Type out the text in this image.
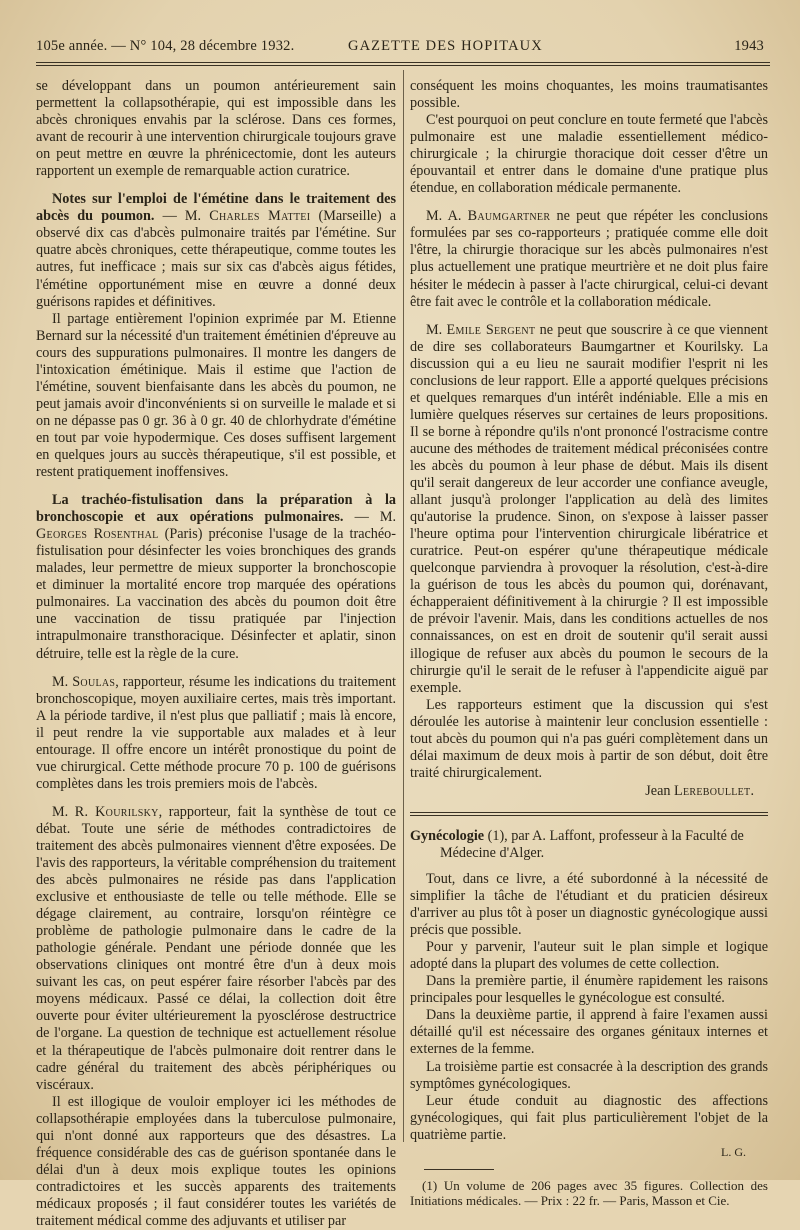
105e année. — N° 104, 28 décembre 1932.	GAZETTE DES HOPITAUX	1943

se développant dans un poumon antérieurement sain permettent la collapsothérapie, qui est impossible dans les abcès chroniques envahis par la sclérose. Dans ces formes, avant de recourir à une intervention chirurgicale toujours grave on peut mettre en œuvre la phrénicectomie, dont les auteurs rapportent un exemple de remarquable action curatrice.

Notes sur l'emploi de l'émétine dans le traitement des abcès du poumon. — M. Charles Mattei (Marseille) a observé dix cas d'abcès pulmonaire traités par l'émétine. Sur quatre abcès chroniques, cette thérapeutique, comme toutes les autres, fut inefficace ; mais sur six cas d'abcès aigus fétides, l'émétine opportunément mise en œuvre a donné deux guérisons rapides et définitives.

Il partage entièrement l'opinion exprimée par M. Etienne Bernard sur la nécessité d'un traitement émétinien d'épreuve au cours des suppurations pulmonaires. Il montre les dangers de l'intoxication émétinique. Mais il estime que l'action de l'émétine, souvent bienfaisante dans les abcès du poumon, ne peut jamais avoir d'inconvénients si on surveille le malade et si on ne dépasse pas 0 gr. 36 à 0 gr. 40 de chlorhydrate d'émétine en tout par voie hypodermique. Ces doses suffisent largement en quelques jours au succès thérapeutique, s'il est possible, et restent pratiquement inoffensives.

La trachéo-fistulisation dans la préparation à la bronchoscopie et aux opérations pulmonaires. — M. Georges Rosenthal (Paris) préconise l'usage de la trachéo-fistulisation pour désinfecter les voies bronchiques des grands malades, leur permettre de mieux supporter la bronchoscopie et diminuer la mortalité encore trop marquée des opérations pulmonaires. La vaccination des abcès du poumon doit être une vaccination de tissu pratiquée par l'injection intrapulmonaire transthoracique. Désinfecter et aplatir, sinon détruire, telle est la règle de la cure.

M. Soulas, rapporteur, résume les indications du traitement bronchoscopique, moyen auxiliaire certes, mais très important. A la période tardive, il n'est plus que palliatif ; mais là encore, il peut rendre la vie supportable aux malades et à leur entourage. Il offre encore un intérêt pronostique du point de vue chirurgical. Cette méthode procure 70 p. 100 de guérisons complètes dans les trois premiers mois de l'abcès.

M. R. Kourilsky, rapporteur, fait la synthèse de tout ce débat. Toute une série de méthodes contradictoires de traitement des abcès pulmonaires viennent d'être exposées. De l'avis des rapporteurs, la véritable compréhension du traitement des abcès pulmonaires ne réside pas dans l'application exclusive et enthousiaste de telle ou telle méthode. Elle se dégage clairement, au contraire, lorsqu'on réintègre ce problème de pathologie pulmonaire dans le cadre de la pathologie générale. Pendant une période donnée que les observations cliniques ont montré être d'un à deux mois suivant les cas, on peut espérer faire résorber l'abcès par des moyens médicaux. Passé ce délai, la collection doit être ouverte pour éviter ultérieurement la pyosclérose destructrice de l'organe. La question de technique est actuellement résolue et la thérapeutique de l'abcès pulmonaire doit rentrer dans le cadre général du traitement des abcès périphériques ou viscéraux.

Il est illogique de vouloir employer ici les méthodes de collapsothérapie employées dans la tuberculose pulmonaire, qui n'ont donné aux rapporteurs que des désastres. La fréquence considérable des cas de guérison spontanée dans le délai d'un à deux mois explique toutes les opinions contradictoires et les succès apparents des traitements médicaux proposés ; il faut considérer toutes les variétés de traitement médical comme des adjuvants et utiliser par

conséquent les moins choquantes, les moins traumatisantes possible.

C'est pourquoi on peut conclure en toute fermeté que l'abcès pulmonaire est une maladie essentiellement médico-chirurgicale ; la chirurgie thoracique doit cesser d'être un épouvantail et entrer dans le domaine d'une pratique plus étendue, en collaboration médicale permanente.

M. A. Baumgartner ne peut que répéter les conclusions formulées par ses co-rapporteurs ; pratiquée comme elle doit l'être, la chirurgie thoracique sur les abcès pulmonaires n'est plus actuellement une pratique meurtrière et ne doit plus faire hésiter le médecin à passer à l'acte chirurgical, celui-ci devant être fait avec le contrôle et la collaboration médicale.

M. Emile Sergent ne peut que souscrire à ce que viennent de dire ses collaborateurs Baumgartner et Kourilsky. La discussion qui a eu lieu ne saurait modifier l'esprit ni les conclusions de leur rapport. Elle a apporté quelques précisions et quelques remarques d'un intérêt indéniable. Elle a mis en lumière quelques réserves sur certaines de leurs propositions. Il se borne à répondre qu'ils n'ont prononcé l'ostracisme contre aucune des méthodes de traitement médical préconisées contre les abcès du poumon à leur phase de début. Mais ils disent qu'il serait dangereux de leur accorder une confiance aveugle, allant jusqu'à prolonger l'application au delà des limites qu'autorise la prudence. Sinon, on s'expose à laisser passer l'heure optima pour l'intervention chirurgicale libératrice et curatrice. Peut-on espérer qu'une thérapeutique médicale quelconque parviendra à provoquer la résolution, c'est-à-dire la guérison de tous les abcès du poumon qui, dorénavant, échapperaient définitivement à la chirurgie ? Il est impossible de prévoir l'avenir. Mais, dans les conditions actuelles de nos connaissances, on est en droit de soutenir qu'il serait aussi illogique de refuser aux abcès du poumon le secours de la chirurgie qu'il le serait de le refuser à l'appendicite aiguë par exemple.

Les rapporteurs estiment que la discussion qui s'est déroulée les autorise à maintenir leur conclusion essentielle : tout abcès du poumon qui n'a pas guéri complètement dans un délai maximum de deux mois à partir de son début, doit être traité chirurgicalement.

Jean Lereboullet.

Gynécologie (1), par A. Laffont, professeur à la Faculté de
Médecine d'Alger.

Tout, dans ce livre, a été subordonné à la nécessité de simplifier la tâche de l'étudiant et du praticien désireux d'arriver au plus tôt à poser un diagnostic gynécologique aussi précis que possible.

Pour y parvenir, l'auteur suit le plan simple et logique adopté dans la plupart des volumes de cette collection.

Dans la première partie, il énumère rapidement les raisons principales pour lesquelles le gynécologue est consulté.

Dans la deuxième partie, il apprend à faire l'examen aussi détaillé qu'il est nécessaire des organes génitaux internes et externes de la femme.

La troisième partie est consacrée à la description des grands symptômes gynécologiques.

Leur étude conduit au diagnostic des affections gynécologiques, qui fait plus particulièrement l'objet de la quatrième partie.

L. G.

(1) Un volume de 206 pages avec 35 figures. Collection des Initiations médicales. — Prix : 22 fr. — Paris, Masson et Cie.
